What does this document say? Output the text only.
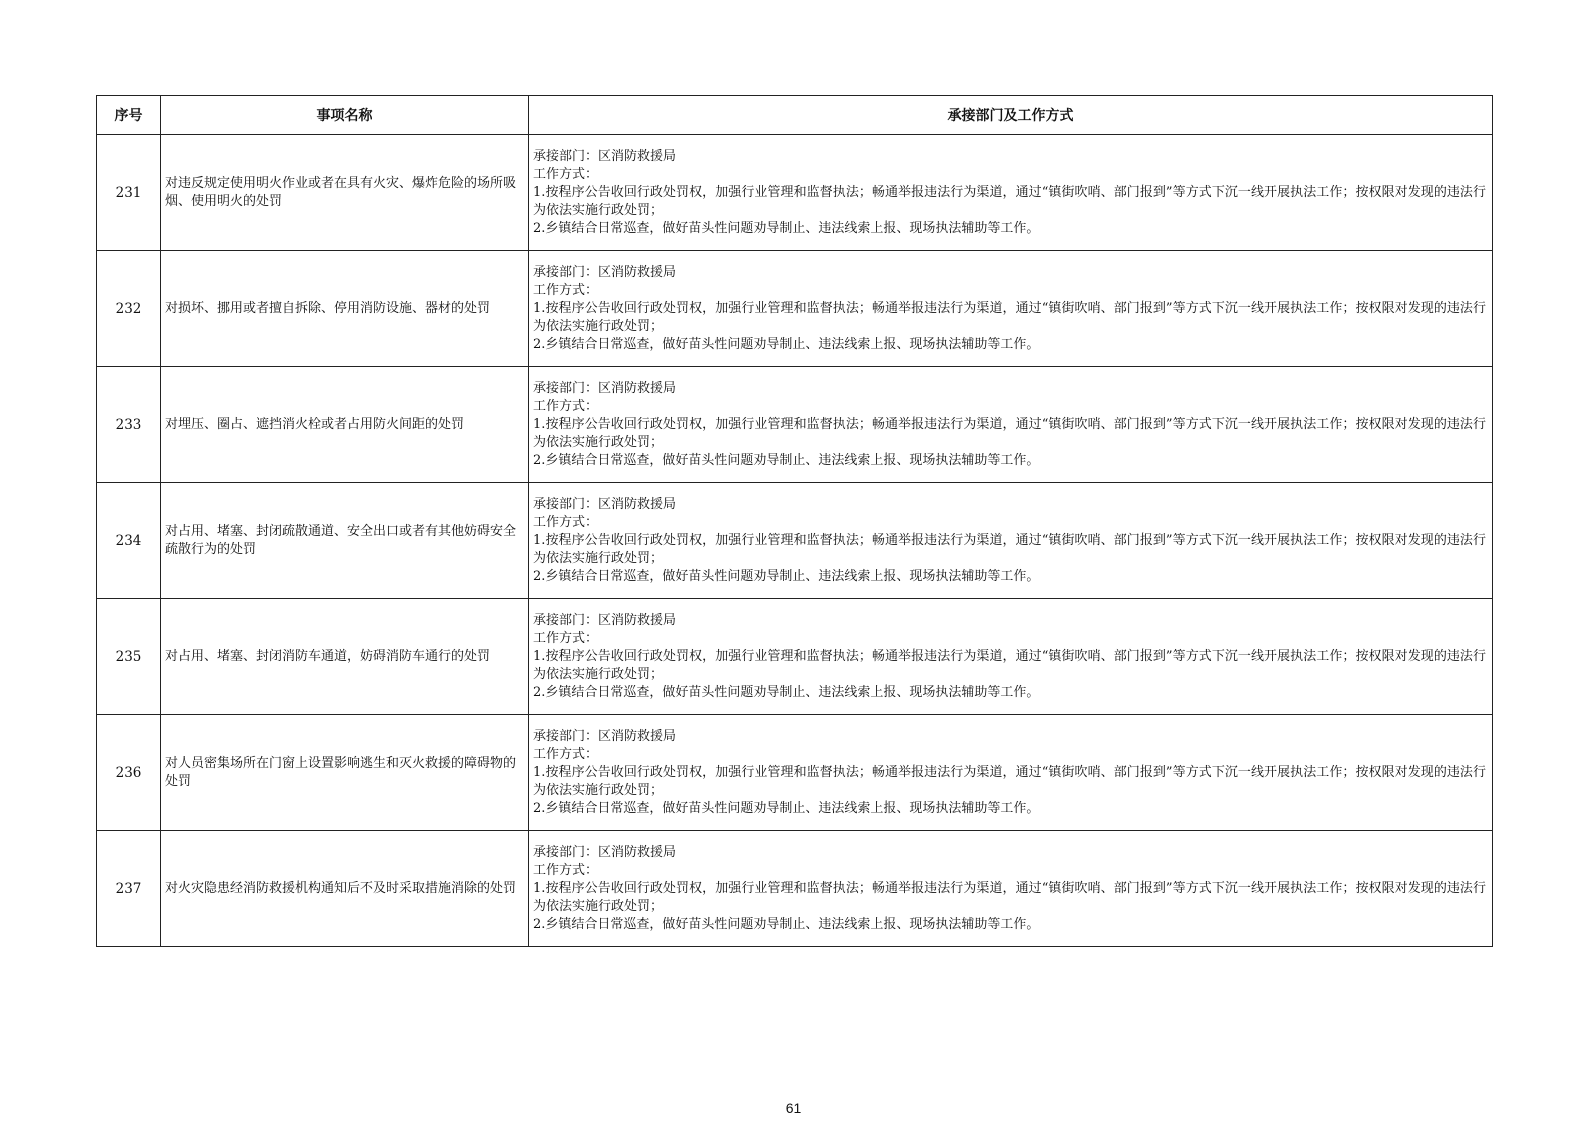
序号	事项名称	承接部门及工作方式
231	对违反规定使用明火作业或者在具有火灾、爆炸危险的场所吸烟、使用明火的处罚	承接部门：区消防救援局
工作方式：
1.按程序公告收回行政处罚权，加强行业管理和监督执法；畅通举报违法行为渠道，通过“镇街吹哨、部门报到”等方式下沉一线开展执法工作；按权限对发现的违法行为依法实施行政处罚；
2.乡镇结合日常巡查，做好苗头性问题劝导制止、违法线索上报、现场执法辅助等工作。

232	对损坏、挪用或者擅自拆除、停用消防设施、器材的处罚	承接部门：区消防救援局
工作方式：
1.按程序公告收回行政处罚权，加强行业管理和监督执法；畅通举报违法行为渠道，通过“镇街吹哨、部门报到”等方式下沉一线开展执法工作；按权限对发现的违法行为依法实施行政处罚；
2.乡镇结合日常巡查，做好苗头性问题劝导制止、违法线索上报、现场执法辅助等工作。

233	对埋压、圈占、遮挡消火栓或者占用防火间距的处罚	承接部门：区消防救援局
工作方式：
1.按程序公告收回行政处罚权，加强行业管理和监督执法；畅通举报违法行为渠道，通过“镇街吹哨、部门报到”等方式下沉一线开展执法工作；按权限对发现的违法行为依法实施行政处罚；
2.乡镇结合日常巡查，做好苗头性问题劝导制止、违法线索上报、现场执法辅助等工作。

234	对占用、堵塞、封闭疏散通道、安全出口或者有其他妨碍安全疏散行为的处罚	承接部门：区消防救援局
工作方式：
1.按程序公告收回行政处罚权，加强行业管理和监督执法；畅通举报违法行为渠道，通过“镇街吹哨、部门报到”等方式下沉一线开展执法工作；按权限对发现的违法行为依法实施行政处罚；
2.乡镇结合日常巡查，做好苗头性问题劝导制止、违法线索上报、现场执法辅助等工作。

235	对占用、堵塞、封闭消防车通道，妨碍消防车通行的处罚	承接部门：区消防救援局
工作方式：
1.按程序公告收回行政处罚权，加强行业管理和监督执法；畅通举报违法行为渠道，通过“镇街吹哨、部门报到”等方式下沉一线开展执法工作；按权限对发现的违法行为依法实施行政处罚；
2.乡镇结合日常巡查，做好苗头性问题劝导制止、违法线索上报、现场执法辅助等工作。

236	对人员密集场所在门窗上设置影响逃生和灭火救援的障碍物的处罚	承接部门：区消防救援局
工作方式：
1.按程序公告收回行政处罚权，加强行业管理和监督执法；畅通举报违法行为渠道，通过“镇街吹哨、部门报到”等方式下沉一线开展执法工作；按权限对发现的违法行为依法实施行政处罚；
2.乡镇结合日常巡查，做好苗头性问题劝导制止、违法线索上报、现场执法辅助等工作。

237	对火灾隐患经消防救援机构通知后不及时采取措施消除的处罚	承接部门：区消防救援局
工作方式：
1.按程序公告收回行政处罚权，加强行业管理和监督执法；畅通举报违法行为渠道，通过“镇街吹哨、部门报到”等方式下沉一线开展执法工作；按权限对发现的违法行为依法实施行政处罚；
2.乡镇结合日常巡查，做好苗头性问题劝导制止、违法线索上报、现场执法辅助等工作。
61
